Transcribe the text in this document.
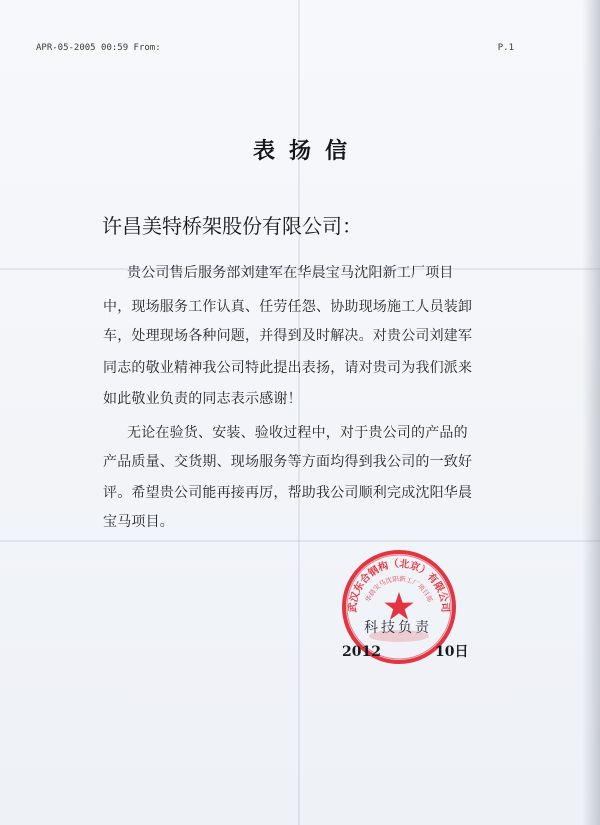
APR-05-2005 00:59 From:	P.1
表扬信
许昌美特桥架股份有限公司：
贵公司售后服务部刘建军在华晨宝马沈阳新工厂项目
中，现场服务工作认真、任劳任怨、协助现场施工人员装卸
车，处理现场各种问题，并得到及时解决。对贵公司刘建军
同志的敬业精神我公司特此提出表扬，请对贵司为我们派来
如此敬业负责的同志表示感谢！
无论在验货、安装、验收过程中，对于贵公司的产品的
产品质量、交货期、现场服务等方面均得到我公司的一致好
评。希望贵公司能再接再厉，帮助我公司顺利完成沈阳华晨
宝马项目。
武汉东合钢构（北京）有限公司
华晨宝马沈阳新工厂项目部
科技负责
2012	10日
